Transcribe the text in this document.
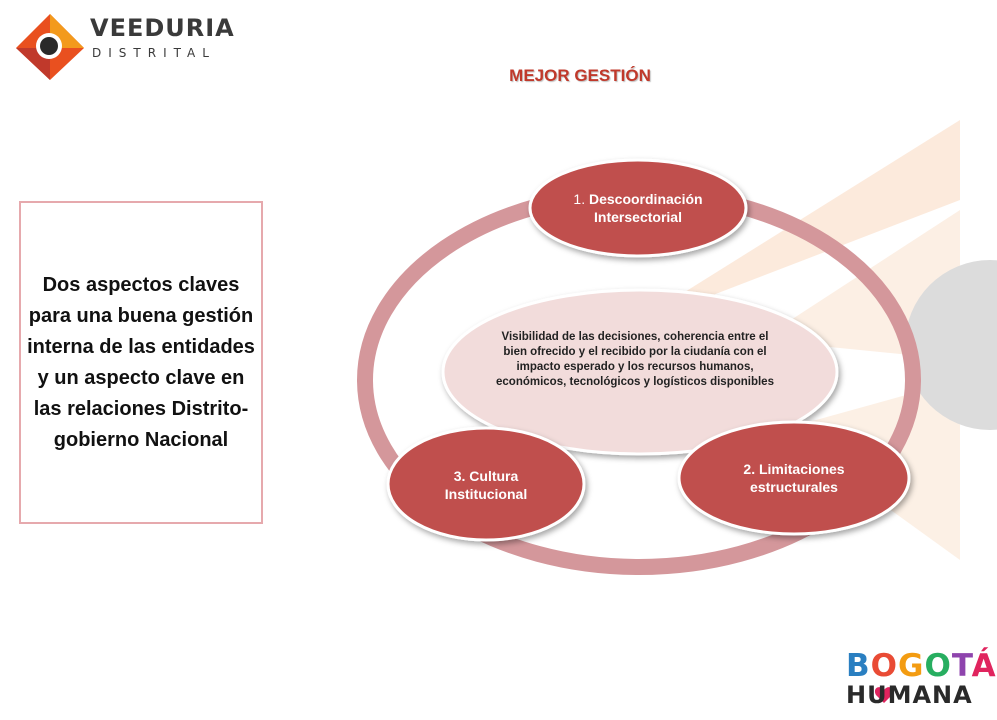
VEEDURIA
DISTRITAL
MEJOR GESTIÓN
Dos aspectos claves para una buena gestión interna de las entidades y un aspecto clave en las relaciones Distrito-gobierno Nacional
Visibilidad de las decisiones, coherencia entre el bien ofrecido y el recibido por la ciudanía con el impacto esperado y los recursos humanos, económicos, tecnológicos y logísticos disponibles
1. Descoordinación Intersectorial
2. Limitaciones estructurales
3. Cultura Institucional
BOGOTÁ
HUMANA
